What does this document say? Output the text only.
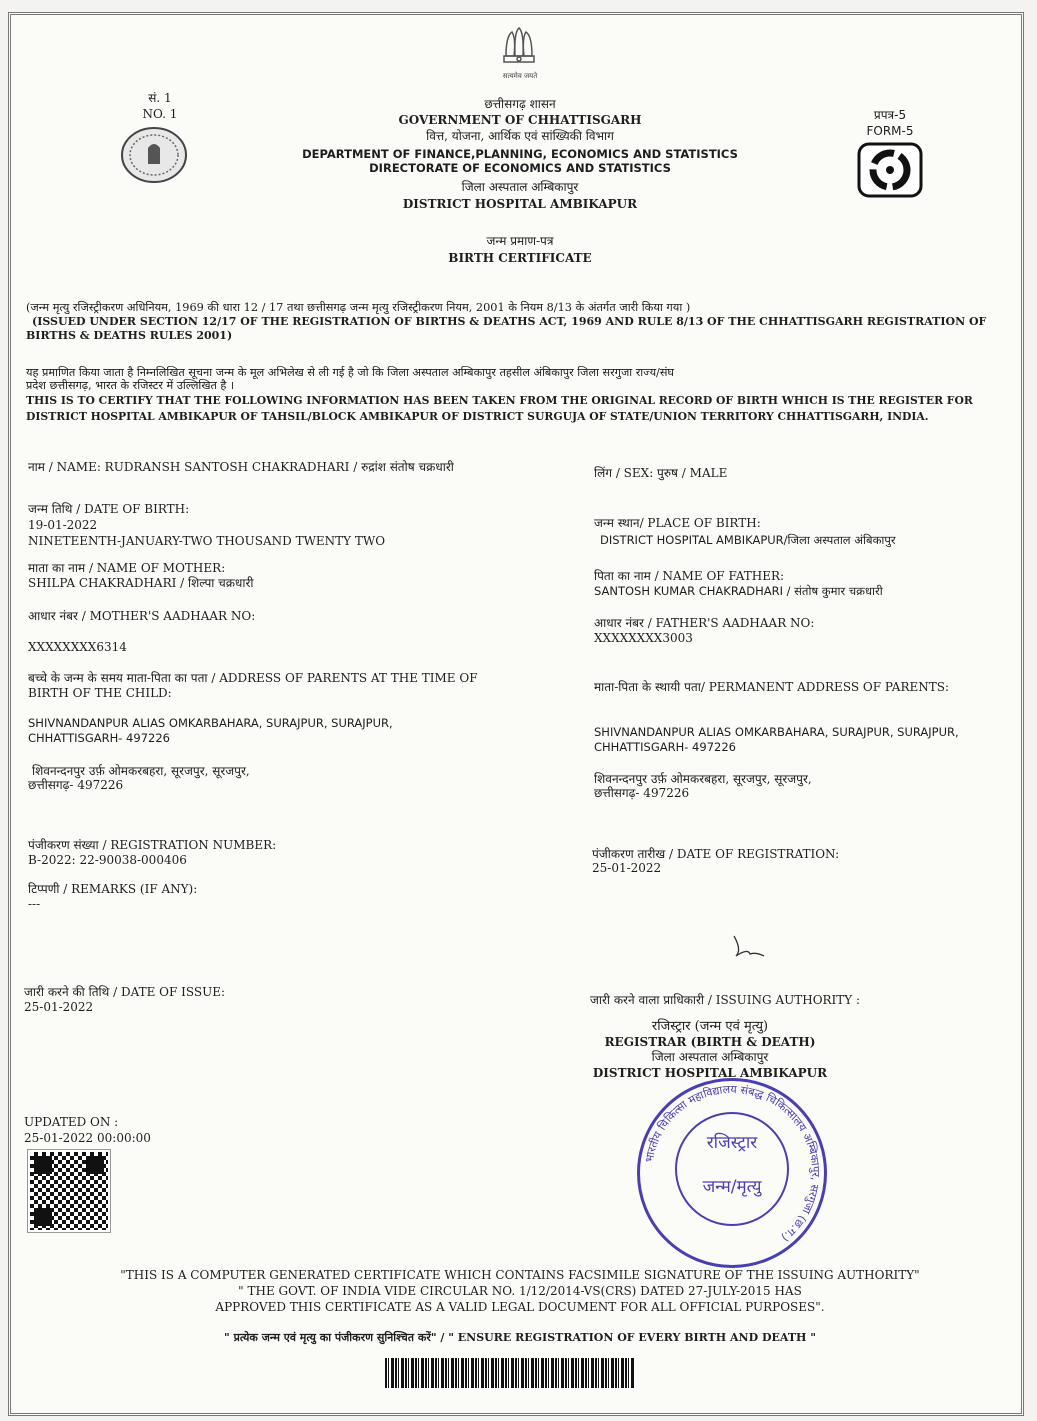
सत्यमेव जयते
सं. 1
NO. 1	प्रपत्र-5
FORM-5
छत्तीसगढ़ शासन
GOVERNMENT OF CHHATTISGARH
वित्त, योजना, आर्थिक एवं सांख्यिकी विभाग
DEPARTMENT OF FINANCE,PLANNING, ECONOMICS AND STATISTICS
DIRECTORATE OF ECONOMICS AND STATISTICS
जिला अस्पताल अम्बिकापुर
DISTRICT HOSPITAL AMBIKAPUR
जन्म प्रमाण-पत्र
BIRTH CERTIFICATE
(जन्म मृत्यु रजिस्ट्रीकरण अधिनियम, 1969 की धारा 12 / 17 तथा छत्तीसगढ़ जन्म मृत्यु रजिस्ट्रीकरण नियम, 2001 के नियम 8/13 के अंतर्गत जारी किया गया )
(ISSUED UNDER SECTION 12/17 OF THE REGISTRATION OF BIRTHS & DEATHS ACT, 1969 AND RULE 8/13 OF THE CHHATTISGARH REGISTRATION OF
BIRTHS & DEATHS RULES 2001)
यह प्रमाणित किया जाता है निम्नलिखित सूचना जन्म के मूल अभिलेख से ली गई है जो कि जिला अस्पताल अम्बिकापुर तहसील अंबिकापुर जिला सरगुजा राज्य/संघ
प्रदेश छत्तीसगढ़, भारत के रजिस्टर में उल्लिखित है ।
THIS IS TO CERTIFY THAT THE FOLLOWING INFORMATION HAS BEEN TAKEN FROM THE ORIGINAL RECORD OF BIRTH WHICH IS THE REGISTER FOR
DISTRICT HOSPITAL AMBIKAPUR OF TAHSIL/BLOCK AMBIKAPUR OF DISTRICT SURGUJA OF STATE/UNION TERRITORY CHHATTISGARH, INDIA.
नाम / NAME: RUDRANSH SANTOSH CHAKRADHARI / रुद्रांश संतोष चक्रधारी
जन्म तिथि / DATE OF BIRTH:
19-01-2022
NINETEENTH-JANUARY-TWO THOUSAND TWENTY TWO
माता का नाम / NAME OF MOTHER:
SHILPA CHAKRADHARI / शिल्पा चक्रधारी
आधार नंबर / MOTHER'S AADHAAR NO:
XXXXXXXX6314
बच्चे के जन्म के समय माता-पिता का पता / ADDRESS OF PARENTS AT THE TIME OF
BIRTH OF THE CHILD:
SHIVNANDANPUR ALIAS OMKARBAHARA, SURAJPUR, SURAJPUR,
CHHATTISGARH- 497226
शिवनन्दनपुर उर्फ़ ओमकरबहरा, सूरजपुर, सूरजपुर,
छत्तीसगढ़- 497226
पंजीकरण संख्या / REGISTRATION NUMBER:
B-2022: 22-90038-000406
टिप्पणी / REMARKS (IF ANY):
---
जारी करने की तिथि / DATE OF ISSUE:
25-01-2022
UPDATED ON :
25-01-2022 00:00:00
लिंग / SEX: पुरुष / MALE
जन्म स्थान/ PLACE OF BIRTH:
DISTRICT HOSPITAL AMBIKAPUR/जिला अस्पताल अंबिकापुर
पिता का नाम / NAME OF FATHER:
SANTOSH KUMAR CHAKRADHARI / संतोष कुमार चक्रधारी
आधार नंबर / FATHER'S AADHAAR NO:
XXXXXXXX3003
माता-पिता के स्थायी पता/ PERMANENT ADDRESS OF PARENTS:
SHIVNANDANPUR ALIAS OMKARBAHARA, SURAJPUR, SURAJPUR,
CHHATTISGARH- 497226
शिवनन्दनपुर उर्फ़ ओमकरबहरा, सूरजपुर, सूरजपुर,
छत्तीसगढ़- 497226
पंजीकरण तारीख / DATE OF REGISTRATION:
25-01-2022
जारी करने वाला प्राधिकारी / ISSUING AUTHORITY :
रजिस्ट्रार (जन्म एवं मृत्यु)
REGISTRAR (BIRTH & DEATH)
जिला अस्पताल अम्बिकापुर
DISTRICT HOSPITAL AMBIKAPUR
रजिस्ट्रार
जन्म/मृत्यु
भारतीय चिकित्सा महाविद्यालय संबद्ध चिकित्सालय अम्बिकापुर, सरगुजा (छ.ग.)
"THIS IS A COMPUTER GENERATED CERTIFICATE WHICH CONTAINS FACSIMILE SIGNATURE OF THE ISSUING AUTHORITY"
" THE GOVT. OF INDIA VIDE CIRCULAR NO. 1/12/2014-VS(CRS) DATED 27-JULY-2015 HAS
APPROVED THIS CERTIFICATE AS A VALID LEGAL DOCUMENT FOR ALL OFFICIAL PURPOSES".
" प्रत्येक जन्म एवं मृत्यु का पंजीकरण सुनिश्चित करें" / " ENSURE REGISTRATION OF EVERY BIRTH AND DEATH "
